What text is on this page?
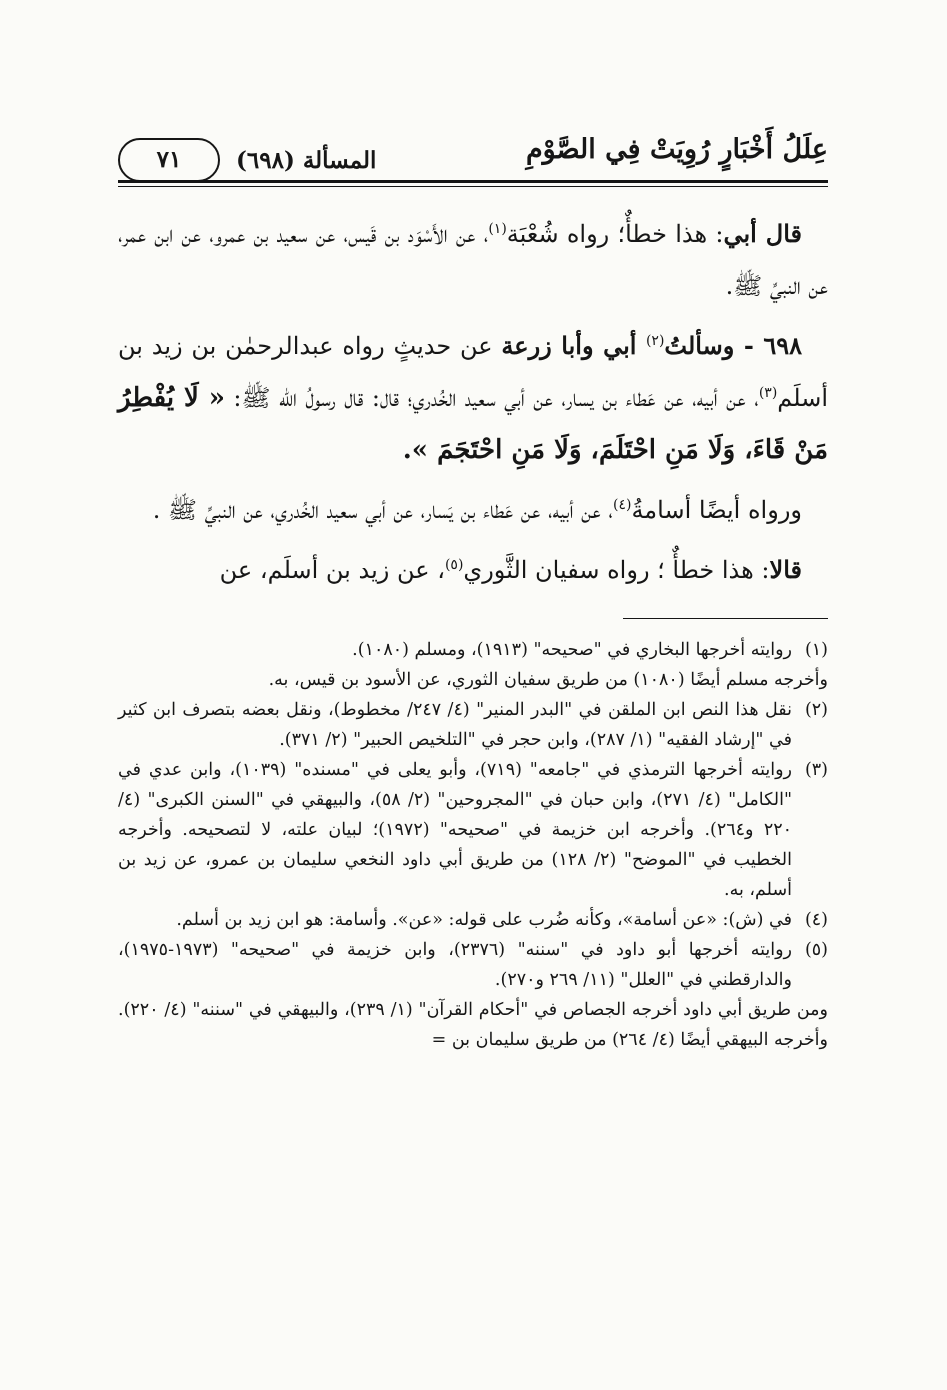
عِلَلُ أَخْبَارٍ رُوِيَتْ فِي الصَّوْمِ
المسألة (٦٩٨)
٧١

قال أبي: هذا خطأٌ؛ رواه شُعْبَة$^{(١)}$، عن الأَسْوَد بن قَيس، عن سعيد بن عمرو، عن ابن عمر، عن النبيِّ ﷺ.

٦٩٨ - وسألتُ$^{(٢)}$ أبي وأبا زرعة عن حديثٍ رواه عبدالرحمٰن بن زيد بن أسلَم$^{(٣)}$، عن أبيه، عن عَطاء بن يسار، عن أبي سعيد الخُدري؛ قال: قال رسولُ الله ﷺ: « لَا يُفْطِرُ مَنْ قَاءَ، وَلَا مَنِ احْتَلَمَ، وَلَا مَنِ احْتَجَمَ ».

ورواه أيضًا أسامةُ$^{(٤)}$، عن أبيه، عن عَطاء بن يَسار، عن أبي سعيد الخُدري، عن النبيِّ ﷺ .

قالا: هذا خطأٌ ؛ رواه سفيان الثَّوري$^{(٥)}$، عن زيد بن أسلَم، عن

(١)

روايته أخرجها البخاري في "صحيحه" (١٩١٣)، ومسلم (١٠٨٠).

وأخرجه مسلم أيضًا (١٠٨٠) من طريق سفيان الثوري، عن الأسود بن قيس، به.

(٢)

نقل هذا النص ابن الملقن في "البدر المنير" (٤/ ٢٤٧/ مخطوط)، ونقل بعضه بتصرف ابن كثير في "إرشاد الفقيه" (١/ ٢٨٧)، وابن حجر في "التلخيص الحبير" (٢/ ٣٧١).

(٣)

روايته أخرجها الترمذي في "جامعه" (٧١٩)، وأبو يعلى في "مسنده" (١٠٣٩)، وابن عدي في "الكامل" (٤/ ٢٧١)، وابن حبان في "المجروحين" (٢/ ٥٨)، والبيهقي في "السنن الكبرى" (٤/ ٢٢٠ و٢٦٤). وأخرجه ابن خزيمة في "صحيحه" (١٩٧٢)؛ لبيان علته، لا لتصحيحه. وأخرجه الخطيب في "الموضح" (٢/ ١٢٨) من طريق أبي داود النخعي سليمان بن عمرو، عن زيد بن أسلم، به.

(٤)

في (ش): «عن أسامة»، وكأنه ضُرب على قوله: «عن». وأسامة: هو ابن زيد بن أسلم.

(٥)

روايته أخرجها أبو داود في "سننه" (٢٣٧٦)، وابن خزيمة في "صحيحه" (١٩٧٣-١٩٧٥)، والدارقطني في "العلل" (١١/ ٢٦٩ و٢٧٠).

ومن طريق أبي داود أخرجه الجصاص في "أحكام القرآن" (١/ ٢٣٩)، والبيهقي في "سننه" (٤/ ٢٢٠). وأخرجه البيهقي أيضًا (٤/ ٢٦٤) من طريق سليمان بن =
